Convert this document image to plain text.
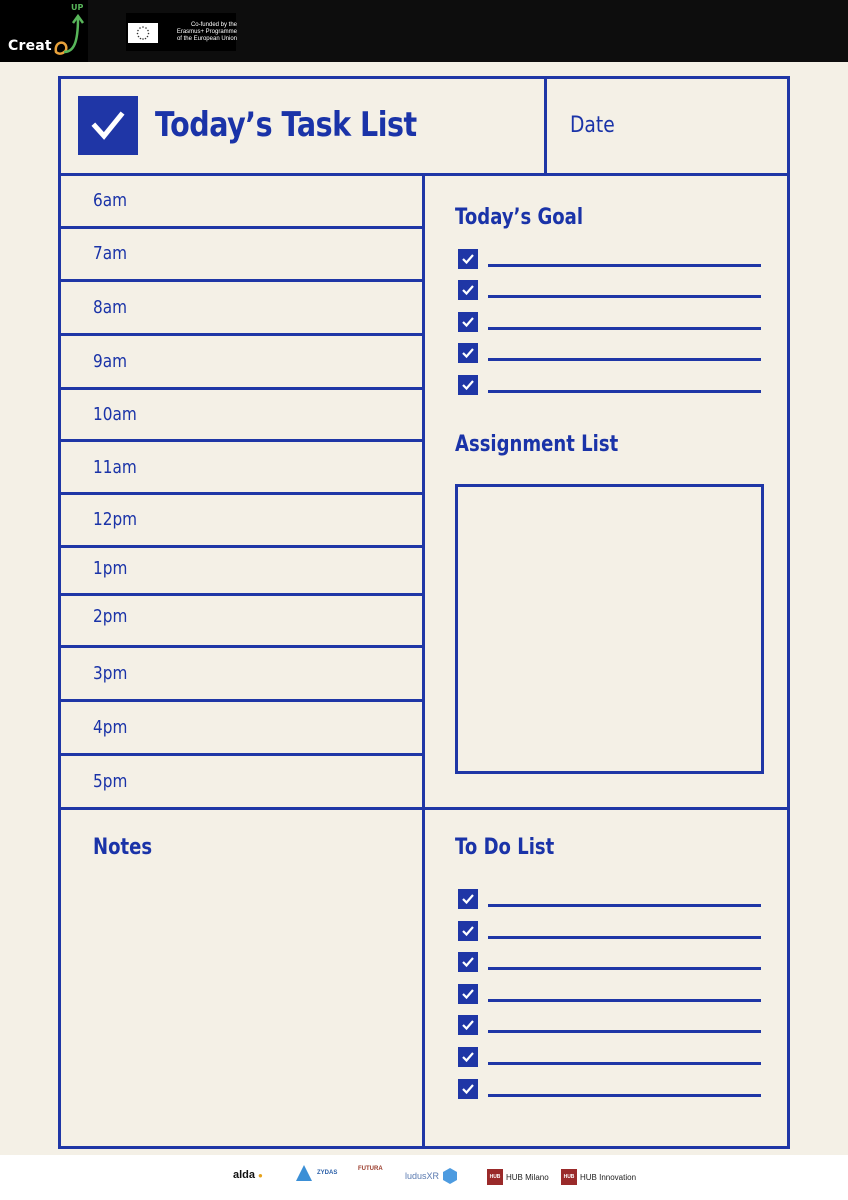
UP
Creat
Co-funded by the
Erasmus+ Programme
of the European Union
Today’s Task List	Date
6am
7am
8am
9am
10am
11am
12pm
1pm
2pm
3pm
4pm
5pm
Today’s Goal
Assignment List
Notes	To Do List
alda ●	ZYDAS
FUTURA
ludusXR	HUB HUB Milano	HUB HUB Innovation
